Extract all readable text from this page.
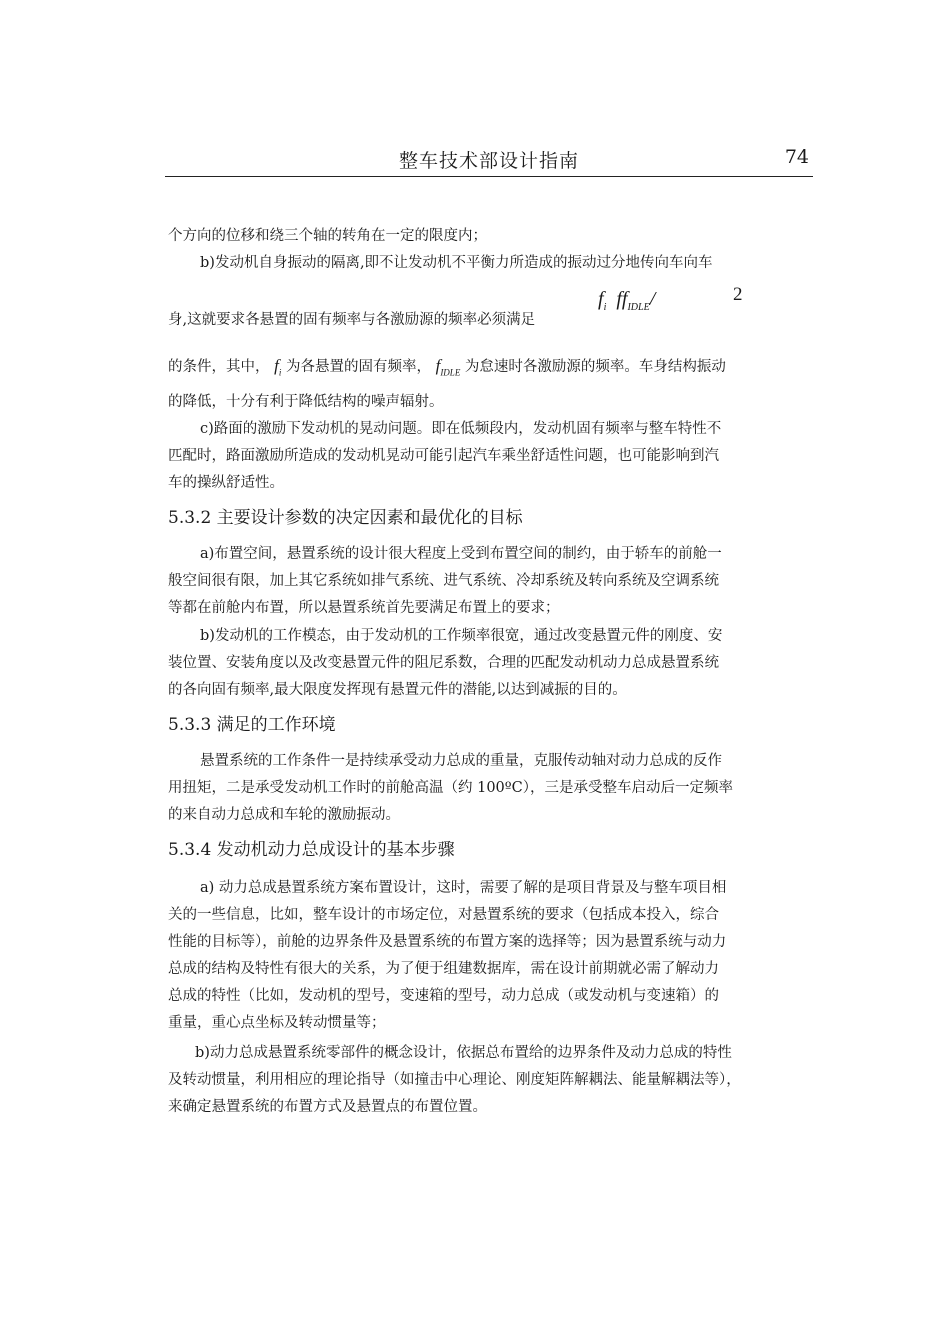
整车技术部设计指南	74
个方向的位移和绕三个轴的转角在一定的限度内；
b)发动机自身振动的隔离,即不让发动机不平衡力所造成的振动过分地传向车向车
身,这就要求各悬置的固有频率与各激励源的频率必须满足
$f_i$ $ff_{IDLE}/$	2
的条件，其中， $f_i$ 为各悬置的固有频率， $f_{IDLE}$ 为怠速时各激励源的频率。车身结构振动
的降低，十分有利于降低结构的噪声辐射。
c)路面的激励下发动机的晃动问题。即在低频段内，发动机固有频率与整车特性不
匹配时，路面激励所造成的发动机晃动可能引起汽车乘坐舒适性问题，也可能影响到汽
车的操纵舒适性。
5.3.2 主要设计参数的决定因素和最优化的目标
a)布置空间，悬置系统的设计很大程度上受到布置空间的制约，由于轿车的前舱一
般空间很有限，加上其它系统如排气系统、进气系统、冷却系统及转向系统及空调系统
等都在前舱内布置，所以悬置系统首先要满足布置上的要求；
b)发动机的工作模态，由于发动机的工作频率很宽，通过改变悬置元件的刚度、安
装位置、安装角度以及改变悬置元件的阻尼系数，合理的匹配发动机动力总成悬置系统
的各向固有频率,最大限度发挥现有悬置元件的潜能,以达到减振的目的。
5.3.3 满足的工作环境
悬置系统的工作条件一是持续承受动力总成的重量，克服传动轴对动力总成的反作
用扭矩，二是承受发动机工作时的前舱高温（约 100ºC），三是承受整车启动后一定频率
的来自动力总成和车轮的激励振动。
5.3.4 发动机动力总成设计的基本步骤
a) 动力总成悬置系统方案布置设计，这时，需要了解的是项目背景及与整车项目相
关的一些信息，比如，整车设计的市场定位，对悬置系统的要求（包括成本投入，综合
性能的目标等），前舱的边界条件及悬置系统的布置方案的选择等；因为悬置系统与动力
总成的结构及特性有很大的关系，为了便于组建数据库，需在设计前期就必需了解动力
总成的特性（比如，发动机的型号，变速箱的型号，动力总成（或发动机与变速箱）的
重量，重心点坐标及转动惯量等；
b)动力总成悬置系统零部件的概念设计，依据总布置给的边界条件及动力总成的特性
及转动惯量，利用相应的理论指导（如撞击中心理论、刚度矩阵解耦法、能量解耦法等），
来确定悬置系统的布置方式及悬置点的布置位置。
